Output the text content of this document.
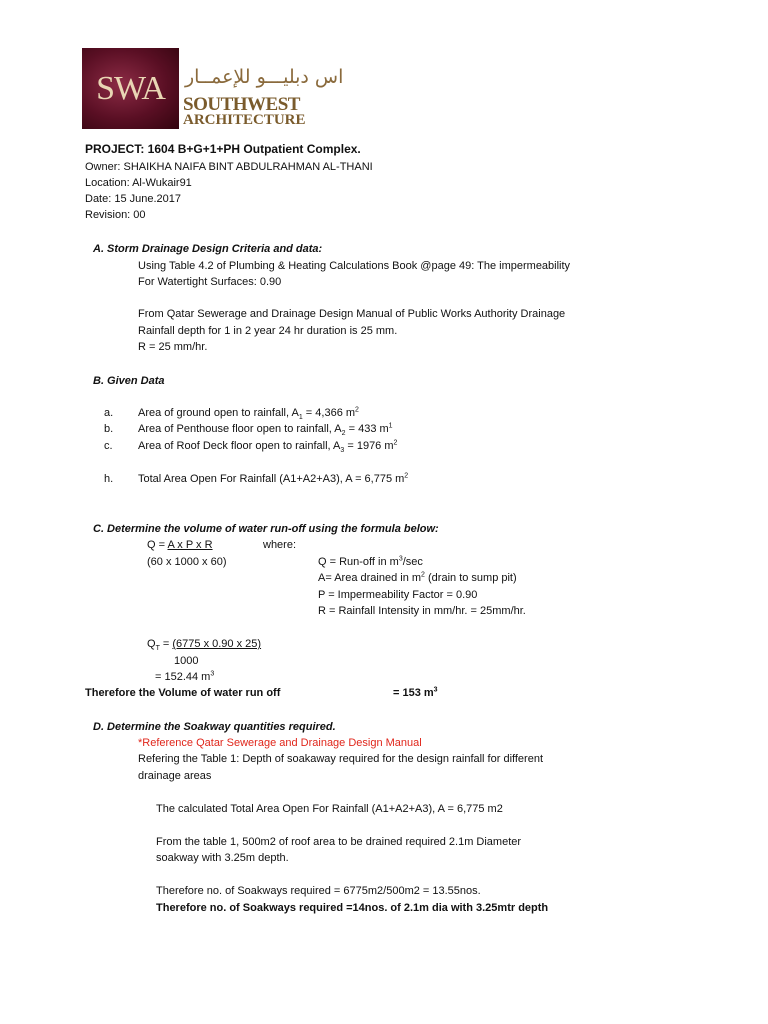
SWA	اس دبليـــو للإعمــار
SOUTHWEST
ARCHITECTURE
PROJECT: 1604 B+G+1+PH Outpatient Complex.
Owner: SHAIKHA NAIFA BINT ABDULRAHMAN AL-THANI
Location: Al-Wukair91
Date: 15 June.2017
Revision: 00
A. Storm Drainage Design Criteria and data:
Using Table 4.2 of Plumbing & Heating Calculations Book @page 49: The impermeability
For Watertight Surfaces: 0.90
From Qatar Sewerage and Drainage Design Manual of Public Works Authority Drainage
Rainfall depth for 1 in 2 year 24 hr duration is 25 mm.
R = 25 mm/hr.
B. Given Data
a. Area of ground open to rainfall, $A_1 = 4,366$ $m^2$
b. Area of Penthouse floor open to rainfall, $A_2 = 433$ $m^1$
c. Area of Roof Deck floor open to rainfall, $A_3 = 1976$ $m^2$
h. Total Area Open For Rainfall (A1+A2+A3), A = 6,775 $m^2$
C. Determine the volume of water run-off using the formula below:
Q = A x P x R	where:
(60 x 1000 x 60)	Q = Run-off in $m^3/\sec$
A= Area drained in $m^2$ (drain to sump pit)
P = Impermeability Factor = 0.90
R = Rainfall Intensity in mm/hr. = 25mm/hr.
$Q_T = (6775$ x 0.90 x 25)
1000
= 152.44 $m^3$
Therefore the Volume of water run off	= 153 $m^3$
D. Determine the Soakway quantities required.
*Reference Qatar Sewerage and Drainage Design Manual
Refering the Table 1: Depth of soakaway required for the design rainfall for different
drainage areas
The calculated Total Area Open For Rainfall (A1+A2+A3), A = 6,775 m2
From the table 1, 500m2 of roof area to be drained required 2.1m Diameter
soakway with 3.25m depth.
Therefore no. of Soakways required = 6775m2/500m2 = 13.55nos.
Therefore no. of Soakways required =14nos. of 2.1m dia with 3.25mtr depth
